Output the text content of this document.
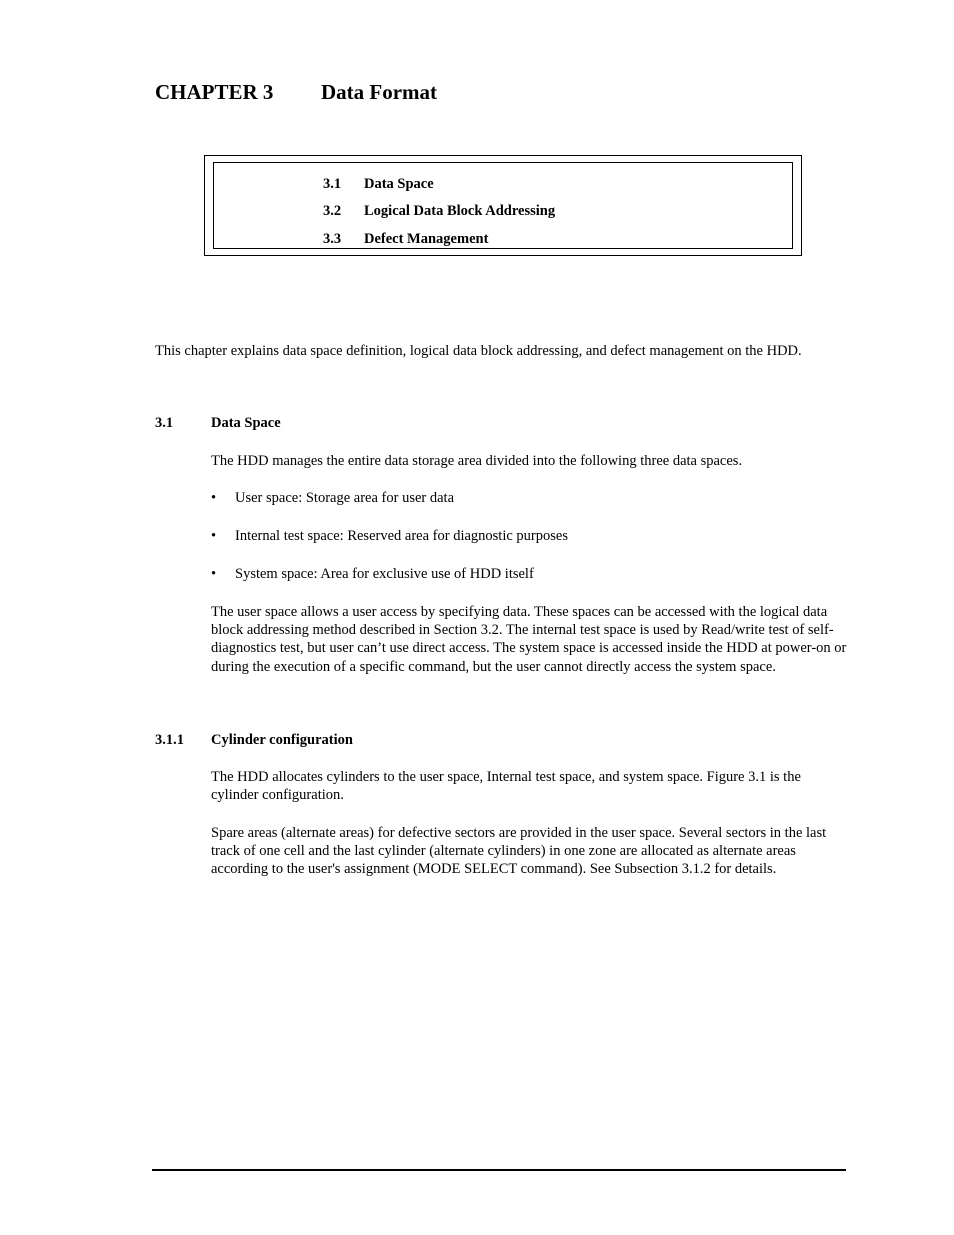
CHAPTER 3 Data Format
3.1 Data Space
3.2 Logical Data Block Addressing
3.3 Defect Management
This chapter explains data space definition, logical data block addressing, and defect management on the HDD.
3.1	Data Space
The HDD manages the entire data storage area divided into the following three data spaces.
• User space: Storage area for user data
• Internal test space: Reserved area for diagnostic purposes
• System space: Area for exclusive use of HDD itself
The user space allows a user access by specifying data. These spaces can be accessed with the logical data block addressing method described in Section 3.2. The internal test space is used by Read/write test of self-diagnostics test, but user can’t use direct access. The system space is accessed inside the HDD at power-on or during the execution of a specific command, but the user cannot directly access the system space.
3.1.1 Cylinder configuration
The HDD allocates cylinders to the user space, Internal test space, and system space. Figure 3.1 is the cylinder configuration.
Spare areas (alternate areas) for defective sectors are provided in the user space. Several sectors in the last track of one cell and the last cylinder (alternate cylinders) in one zone are allocated as alternate areas according to the user's assignment (MODE SELECT command). See Subsection 3.1.2 for details.
